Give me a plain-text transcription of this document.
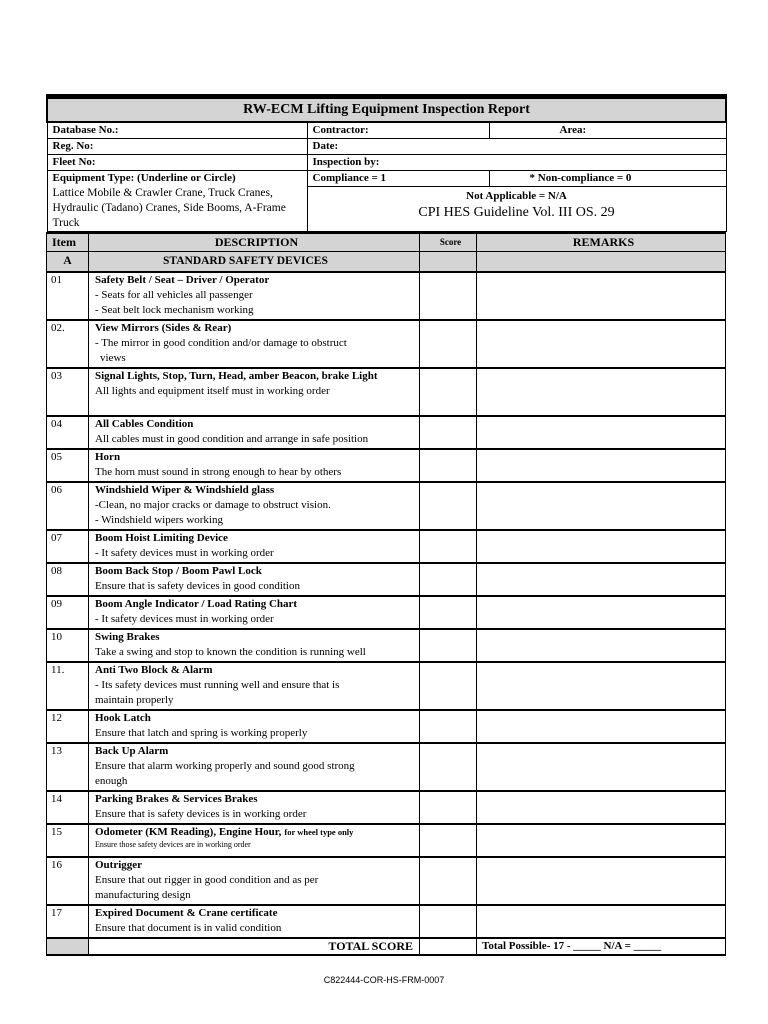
RW-ECM Lifting Equipment Inspection Report		
Database No.:	Contractor:	Area:
Reg. No:	Date:	
Fleet No:	Inspection by:	

Equipment Type: (Underline or Circle)
Lattice Mobile & Crawler Crane, Truck Cranes, Hydraulic (Tadano) Cranes, Side Booms, A-Frame Truck	Compliance = 1	* Non-compliance = 0

	Not Applicable = N/A
CPI HES Guideline Vol. III OS. 29	
Item	DESCRIPTION	Score	REMARKS
A	STANDARD SAFETY DEVICES		
01	Safety Belt / Seat – Driver / Operator
- Seats for all vehicles all passenger
- Seat belt lock mechanism working		

02.	View Mirrors (Sides & Rear)
- The mirror in good condition and/or damage to obstruct
views		

03	Signal Lights, Stop, Turn, Head, amber Beacon, brake Light
All lights and equipment itself must in working order		

04	All Cables Condition
All cables must in good condition and arrange in safe position		

05	Horn
The horn must sound in strong enough to hear by others		

06	Windshield Wiper & Windshield glass
-Clean, no major cracks or damage to obstruct vision.
- Windshield wipers working		

07	Boom Hoist Limiting Device
- It safety devices must in working order		

08	Boom Back Stop / Boom Pawl Lock
Ensure that is safety devices in good condition		

09	Boom Angle Indicator / Load Rating Chart
- It safety devices must in working order		

10	Swing Brakes
Take a swing and stop to known the condition is running well		

11.	Anti Two Block & Alarm
- Its safety devices must running well and ensure that is
maintain properly		

12	Hook Latch
Ensure that latch and spring is working properly		

13	Back Up Alarm
Ensure that alarm working properly and sound good strong
enough		

14	Parking Brakes & Services Brakes
Ensure that is safety devices is in working order		

15	Odometer (KM Reading), Engine Hour, for wheel type only
Ensure those safety devices are in working order		

16	Outrigger
Ensure that out rigger in good condition and as per
manufacturing design		

17	Expired Document & Crane certificate
Ensure that document is in valid condition		

	TOTAL SCORE		Total Possible- 17 - _____ N/A = _____
C822444-COR-HS-FRM-0007
